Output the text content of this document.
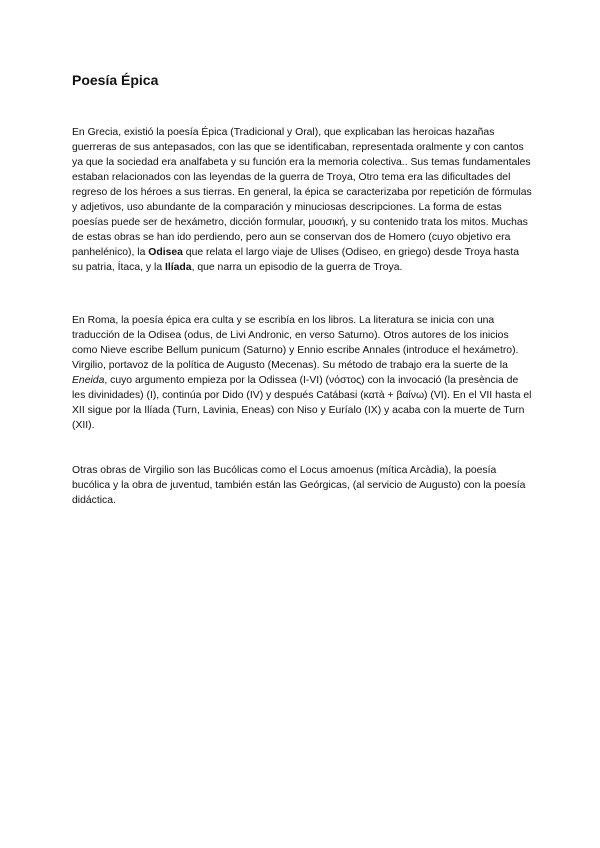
Poesía Épica

En Grecia, existió la poesía Épica (Tradicional y Oral), que explicaban las heroicas hazañas guerreras de sus antepasados, con las que se identificaban, representada oralmente y con cantos ya que la sociedad era analfabeta y su función era la memoria colectiva.. Sus temas fundamentales estaban relacionados con las leyendas de la guerra de Troya, Otro tema era las dificultades del regreso de los héroes a sus tierras. En general, la épica se caracterizaba por repetición de fórmulas y adjetivos, uso abundante de la comparación y minuciosas descripciones. La forma de estas poesías puede ser de hexámetro, dicción formular, μουσική, y su contenido trata los mitos. Muchas de estas obras se han ido perdiendo, pero aun se conservan dos de Homero (cuyo objetivo era panhelénico), la Odisea que relata el largo viaje de Ulises (Odiseo, en griego) desde Troya hasta su patria, Ítaca, y la Ilíada, que narra un episodio de la guerra de Troya.

En Roma, la poesía épica era culta y se escribía en los libros. La literatura se inicia con una traducción de la Odisea (odus, de Livi Andronic, en verso Saturno). Otros autores de los inicios como Nieve escribe Bellum punicum (Saturno) y Ennio escribe Annales (introduce el hexámetro).
Virgilio, portavoz de la política de Augusto (Mecenas). Su método de trabajo era la suerte de la Eneida, cuyo argumento empieza por la Odissea (I-VI) (νόστος) con la invocació (la presència de les divinidades) (I), continúa por Dido (IV) y después Catábasi (κατà + βαίνω) (VI). En el VII hasta el XII sigue por la Ilíada (Turn, Lavinia, Eneas) con Niso y Euríalo (IX) y acaba con la muerte de Turn (XII).

Otras obras de Virgilio son las Bucólicas como el Locus amoenus (mítica Arcàdia), la poesía bucólica y la obra de juventud, también están las Geórgicas, (al servicio de Augusto) con la poesía didáctica.
